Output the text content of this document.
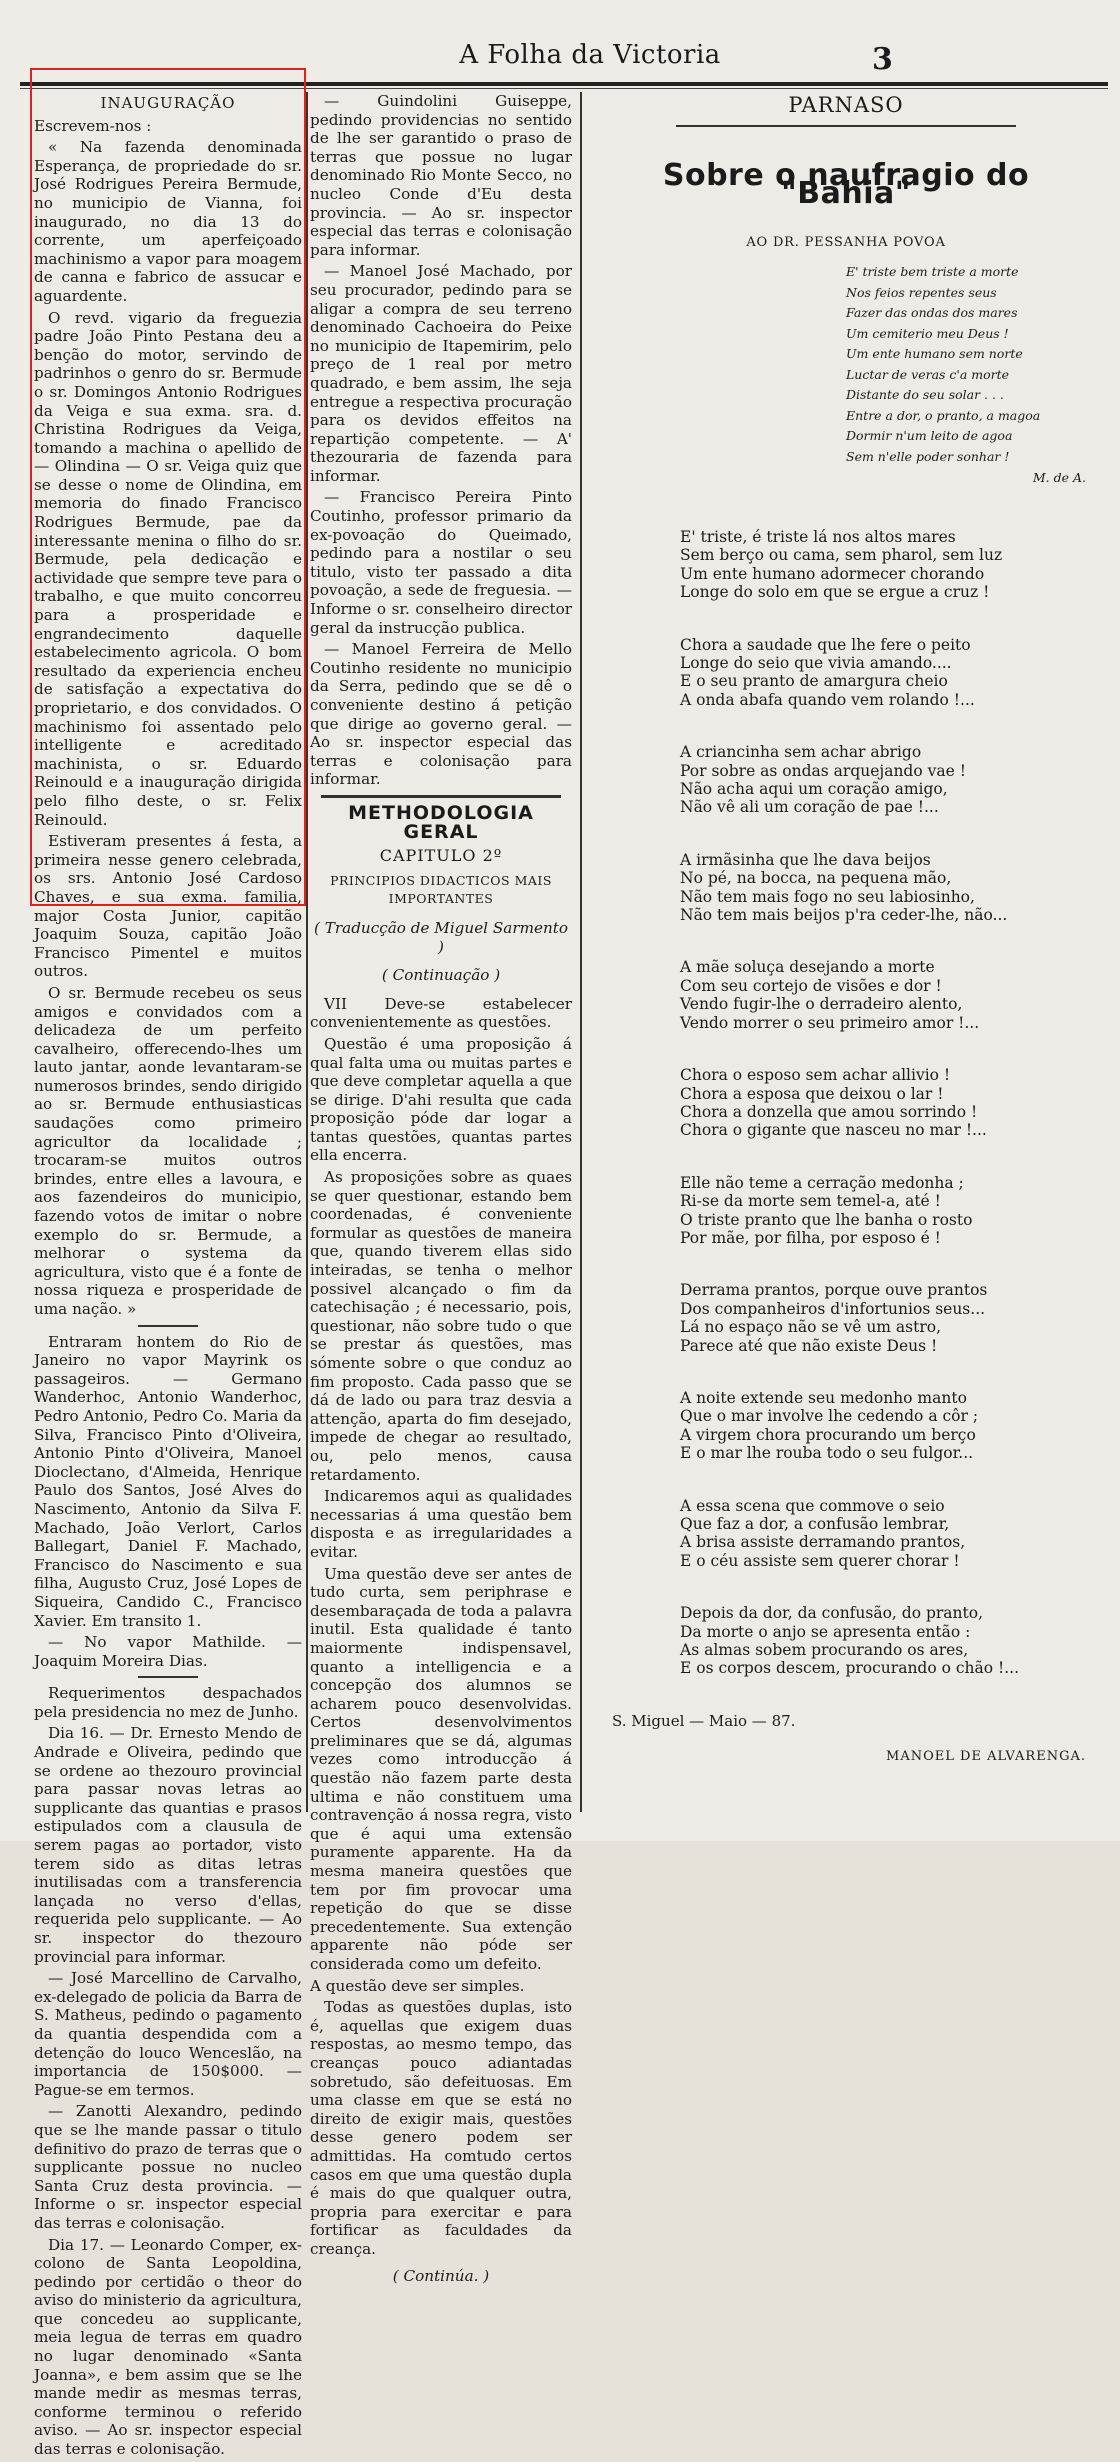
A Folha da Victoria	3
INAUGURAÇÃO

Escrevem-nos :

« Na fazenda denominada Esperança, de propriedade do sr. José Rodrigues Pereira Bermude, no municipio de Vianna, foi inaugurado, no dia 13 do corrente, um aperfeiçoado machinismo a vapor para moagem de canna e fabrico de assucar e aguardente.

O revd. vigario da freguezia padre João Pinto Pestana deu a benção do motor, servindo de padrinhos o genro do sr. Bermude o sr. Domingos Antonio Rodrigues da Veiga e sua exma. sra. d. Christina Rodrigues da Veiga, tomando a machina o apellido de — Olindina — O sr. Veiga quiz que se desse o nome de Olindina, em memoria do finado Francisco Rodrigues Bermude, pae da interessante menina o filho do sr. Bermude, pela dedicação e actividade que sempre teve para o trabalho, e que muito concorreu para a prosperidade e engrandecimento daquelle estabelecimento agricola. O bom resultado da experiencia encheu de satisfação a expectativa do proprietario, e dos convidados. O machinismo foi assentado pelo intelligente e acreditado machinista, o sr. Eduardo Reinould e a inauguração dirigida pelo filho deste, o sr. Felix Reinould.

Estiveram presentes á festa, a primeira nesse genero celebrada, os srs. Antonio José Cardoso Chaves, e sua exma. familia, major Costa Junior, capitão Joaquim Souza, capitão João Francisco Pimentel e muitos outros.

O sr. Bermude recebeu os seus amigos e convidados com a delicadeza de um perfeito cavalheiro, offerecendo-lhes um lauto jantar, aonde levantaram-se numerosos brindes, sendo dirigido ao sr. Bermude enthusiasticas saudações como primeiro agricultor da localidade ; trocaram-se muitos outros brindes, entre elles a lavoura, e aos fazendeiros do municipio, fazendo votos de imitar o nobre exemplo do sr. Bermude, a melhorar o systema da agricultura, visto que é a fonte de nossa riqueza e prosperidade de uma nação. »

Entraram hontem do Rio de Janeiro no vapor Mayrink os passageiros. — Germano Wanderhoc, Antonio Wanderhoc, Pedro Antonio, Pedro Co. Maria da Silva, Francisco Pinto d'Oliveira, Antonio Pinto d'Oliveira, Manoel Dioclectano, d'Almeida, Henrique Paulo dos Santos, José Alves do Nascimento, Antonio da Silva F. Machado, João Verlort, Carlos Ballegart, Daniel F. Machado, Francisco do Nascimento e sua filha, Augusto Cruz, José Lopes de Siqueira, Candido C., Francisco Xavier. Em transito 1.

— No vapor Mathilde. — Joaquim Moreira Dias.

Requerimentos despachados pela presidencia no mez de Junho.

Dia 16. — Dr. Ernesto Mendo de Andrade e Oliveira, pedindo que se ordene ao thezouro provincial para passar novas letras ao supplicante das quantias e prasos estipulados com a clausula de serem pagas ao portador, visto terem sido as ditas letras inutilisadas com a transferencia lançada no verso d'ellas, requerida pelo supplicante. — Ao sr. inspector do thezouro provincial para informar.

— José Marcellino de Carvalho, ex-delegado de policia da Barra de S. Matheus, pedindo o pagamento da quantia despendida com a detenção do louco Wenceslão, na importancia de 150$000. — Pague-se em termos.

— Zanotti Alexandro, pedindo que se lhe mande passar o titulo definitivo do prazo de terras que o supplicante possue no nucleo Santa Cruz desta provincia. — Informe o sr. inspector especial das terras e colonisação.

Dia 17. — Leonardo Comper, ex-colono de Santa Leopoldina, pedindo por certidão o theor do aviso do ministerio da agricultura, que concedeu ao supplicante, meia legua de terras em quadro no lugar denominado «Santa Joanna», e bem assim que se lhe mande medir as mesmas terras, conforme terminou o referido aviso. — Ao sr. inspector especial das terras e colonisação.

— Guindolini Guiseppe, pedindo providencias no sentido de lhe ser garantido o praso de terras que possue no lugar denominado Rio Monte Secco, no nucleo Conde d'Eu desta provincia. — Ao sr. inspector especial das terras e colonisação para informar.

— Manoel José Machado, por seu procurador, pedindo para se aligar a compra de seu terreno denominado Cachoeira do Peixe no municipio de Itapemirim, pelo preço de 1 real por metro quadrado, e bem assim, lhe seja entregue a respectiva procuração para os devidos effeitos na repartição competente. — A' thezouraria de fazenda para informar.

— Francisco Pereira Pinto Coutinho, professor primario da ex-povoação do Queimado, pedindo para a nostilar o seu titulo, visto ter passado a dita povoação, a sede de freguesia. — Informe o sr. conselheiro director geral da instrucção publica.

— Manoel Ferreira de Mello Coutinho residente no municipio da Serra, pedindo que se dê o conveniente destino á petição que dirige ao governo geral. — Ao sr. inspector especial das terras e colonisação para informar.

METHODOLOGIA GERAL
CAPITULO 2º
PRINCIPIOS DIDACTICOS MAIS IMPORTANTES
( Traducção de Miguel Sarmento )
( Continuação )

VII Deve-se estabelecer convenientemente as questões.

Questão é uma proposição á qual falta uma ou muitas partes e que deve completar aquella a que se dirige. D'ahi resulta que cada proposição póde dar logar a tantas questões, quantas partes ella encerra.

As proposições sobre as quaes se quer questionar, estando bem coordenadas, é conveniente formular as questões de maneira que, quando tiverem ellas sido inteiradas, se tenha o melhor possivel alcançado o fim da catechisação ; é necessario, pois, questionar, não sobre tudo o que se prestar ás questões, mas sómente sobre o que conduz ao fim proposto. Cada passo que se dá de lado ou para traz desvia a attenção, aparta do fim desejado, impede de chegar ao resultado, ou, pelo menos, causa retardamento.

Indicaremos aqui as qualidades necessarias á uma questão bem disposta e as irregularidades a evitar.

Uma questão deve ser antes de tudo curta, sem periphrase e desembaraçada de toda a palavra inutil. Esta qualidade é tanto maiormente indispensavel, quanto a intelligencia e a concepção dos alumnos se acharem pouco desenvolvidas. Certos desenvolvimentos preliminares que se dá, algumas vezes como introducção á questão não fazem parte desta ultima e não constituem uma contravenção á nossa regra, visto que é aqui uma extensão puramente apparente. Ha da mesma maneira questões que tem por fim provocar uma repetição do que se disse precedentemente. Sua extenção apparente não póde ser considerada como um defeito.

A questão deve ser simples.

Todas as questões duplas, isto é, aquellas que exigem duas respostas, ao mesmo tempo, das creanças pouco adiantadas sobretudo, são defeituosas. Em uma classe em que se está no direito de exigir mais, questões desse genero podem ser admittidas. Ha comtudo certos casos em que uma questão dupla é mais do que qualquer outra, propria para exercitar e para fortificar as faculdades da creança.

( Continúa. )
PARNASO
Sobre o naufragio do "Bahia"
AO DR. PESSANHA POVOA
E' triste bem triste a morte
Nos feios repentes seus
Fazer das ondas dos mares
Um cemiterio meu Deus !
Um ente humano sem norte
Luctar de veras c'a morte
Distante do seu solar . . .
Entre a dor, o pranto, a magoa
Dormir n'um leito de agoa
Sem n'elle poder sonhar !
M. de A.
E' triste, é triste lá nos altos mares
Sem berço ou cama, sem pharol, sem luz
Um ente humano adormecer chorando
Longe do solo em que se ergue a cruz !
Chora a saudade que lhe fere o peito
Longe do seio que vivia amando....
E o seu pranto de amargura cheio
A onda abafa quando vem rolando !...
A criancinha sem achar abrigo
Por sobre as ondas arquejando vae !
Não acha aqui um coração amigo,
Não vê ali um coração de pae !...
A irmãsinha que lhe dava beijos
No pé, na bocca, na pequena mão,
Não tem mais fogo no seu labiosinho,
Não tem mais beijos p'ra ceder-lhe, não...
A mãe soluça desejando a morte
Com seu cortejo de visões e dor !
Vendo fugir-lhe o derradeiro alento,
Vendo morrer o seu primeiro amor !...
Chora o esposo sem achar allivio !
Chora a esposa que deixou o lar !
Chora a donzella que amou sorrindo !
Chora o gigante que nasceu no mar !...
Elle não teme a cerração medonha ;
Ri-se da morte sem temel-a, até !
O triste pranto que lhe banha o rosto
Por mãe, por filha, por esposo é !
Derrama prantos, porque ouve prantos
Dos companheiros d'infortunios seus...
Lá no espaço não se vê um astro,
Parece até que não existe Deus !
A noite extende seu medonho manto
Que o mar involve lhe cedendo a côr ;
A virgem chora procurando um berço
E o mar lhe rouba todo o seu fulgor...
A essa scena que commove o seio
Que faz a dor, a confusão lembrar,
A brisa assiste derramando prantos,
E o céu assiste sem querer chorar !
Depois da dor, da confusão, do pranto,
Da morte o anjo se apresenta então :
As almas sobem procurando os ares,
E os corpos descem, procurando o chão !...
S. Miguel — Maio — 87.
MANOEL DE ALVARENGA.
